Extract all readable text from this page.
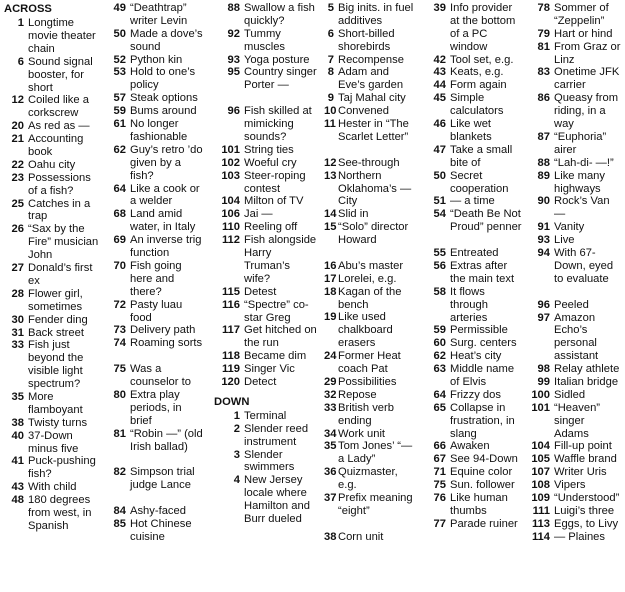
ACROSS
1 Longtime movie theater chain
6 Sound signal booster, for short
12 Coiled like a corkscrew
20 As red as —
21 Accounting book
22 Oahu city
23 Possessions of a fish?
25 Catches in a trap
26 “Sax by the Fire” musician John
27 Donald’s first ex
28 Flower girl, sometimes
30 Fender ding
31 Back street
33 Fish just beyond the visible light spectrum?
35 More flamboyant
38 Twisty turns
40 37-Down minus five
41 Puck-pushing fish?
43 With child
48 180 degrees from west, in Spanish
49 “Deathtrap” writer Levin
50 Made a dove’s sound
52 Python kin
53 Hold to one’s policy
57 Steak options
59 Bums around
61 No longer fashionable
62 Guy’s retro ’do given by a fish?
64 Like a cook or a welder
68 Land amid water, in Italy
69 An inverse trig function
70 Fish going here and there?
72 Pasty luau food
73 Delivery path
74 Roaming sorts
75 Was a counselor to
80 Extra play periods, in brief
81 “Robin —” (old Irish ballad)
82 Simpson trial judge Lance
84 Ashy-faced
85 Hot Chinese cuisine
88 Swallow a fish quickly?
92 Tummy muscles
93 Yoga posture
95 Country singer Porter —
96 Fish skilled at mimicking sounds?
101 String ties
102 Woeful cry
103 Steer-roping contest
104 Milton of TV
106 Jai —
110 Reeling off
112 Fish alongside Harry Truman’s wife?
115 Detest
116 “Spectre” co-star Greg
117 Get hitched on the run
118 Became dim
119 Singer Vic
120 Detect
DOWN
1 Terminal
2 Slender reed instrument
3 Slender swimmers
4 New Jersey locale where Hamilton and Burr dueled
5 Big inits. in fuel additives
6 Short-billed shorebirds
7 Recompense
8 Adam and Eve’s garden
9 Taj Mahal city
10 Convened
11 Hester in “The Scarlet Letter”
12 See-through
13 Northern Oklahoma’s — City
14 Slid in
15 “Solo” director Howard
16 Abu’s master
17 Lorelei, e.g.
18 Kagan of the bench
19 Like used chalkboard erasers
24 Former Heat coach Pat
29 Possibilities
32 Repose
33 British verb ending
34 Work unit
35 Tom Jones’ “— a Lady”
36 Quizmaster, e.g.
37 Prefix meaning “eight”
38 Corn unit
39 Info provider at the bottom of a PC window
42 Tool set, e.g.
43 Keats, e.g.
44 Form again
45 Simple calculators
46 Like wet blankets
47 Take a small bite of
50 Secret cooperation
51 — a time
54 “Death Be Not Proud” penner
55 Entreated
56 Extras after the main text
58 It flows through arteries
59 Permissible
60 Surg. centers
62 Heat’s city
63 Middle name of Elvis
64 Frizzy dos
65 Collapse in frustration, in slang
66 Awaken
67 See 94-Down
71 Equine color
75 Sun. follower
76 Like human thumbs
77 Parade ruiner
78 Sommer of “Zeppelin”
79 Hart or hind
81 From Graz or Linz
83 Onetime JFK carrier
86 Queasy from riding, in a way
87 “Euphoria” airer
88 “Lah-di- —!”
89 Like many highways
90 Rock’s Van —
91 Vanity
93 Live
94 With 67-Down, eyed to evaluate
96 Peeled
97 Amazon Echo’s personal assistant
98 Relay athlete
99 Italian bridge
100 Sidled
101 “Heaven” singer Adams
104 Fill-up point
105 Waffle brand
107 Writer Uris
108 Vipers
109 “Understood”
111 Luigi’s three
113 Eggs, to Livy
114 — Plaines
